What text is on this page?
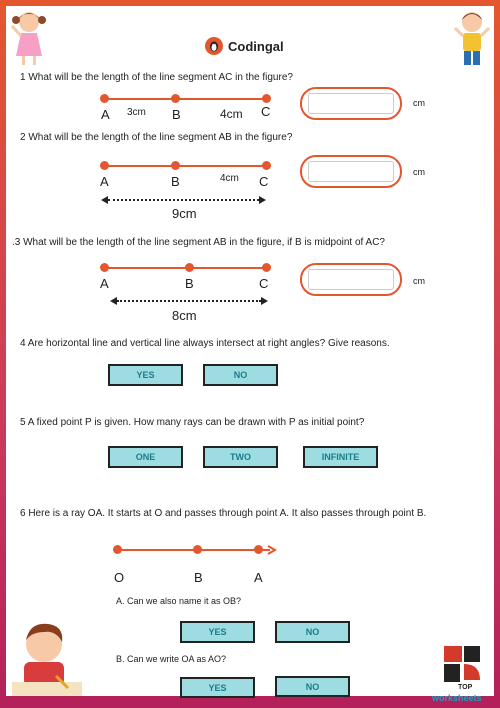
Codingal
1 What will be the length of the line segment AC in the figure?
3cm	4cm
A	B	C
cm
2 What will be the length of the line segment AB in the figure?
A	B	4cm C
9cm
cm
.3 What will be the length of the line segment AB in the figure, if B is midpoint of AC?
A	B	C
8cm
cm
4 Are horizontal line and vertical line always intersect at right angles? Give reasons.
YES	NO
5 A fixed point P is given. How many rays can be drawn with P as initial point?
ONE	TWO	INFINITE
6 Here is a ray OA. It starts at O and passes through point A. It also passes through point B.
O	B	A
A. Can we also name it as OB?
YES	NO
B. Can we write OA as AO?
YES	NO	TOP
worksheets
